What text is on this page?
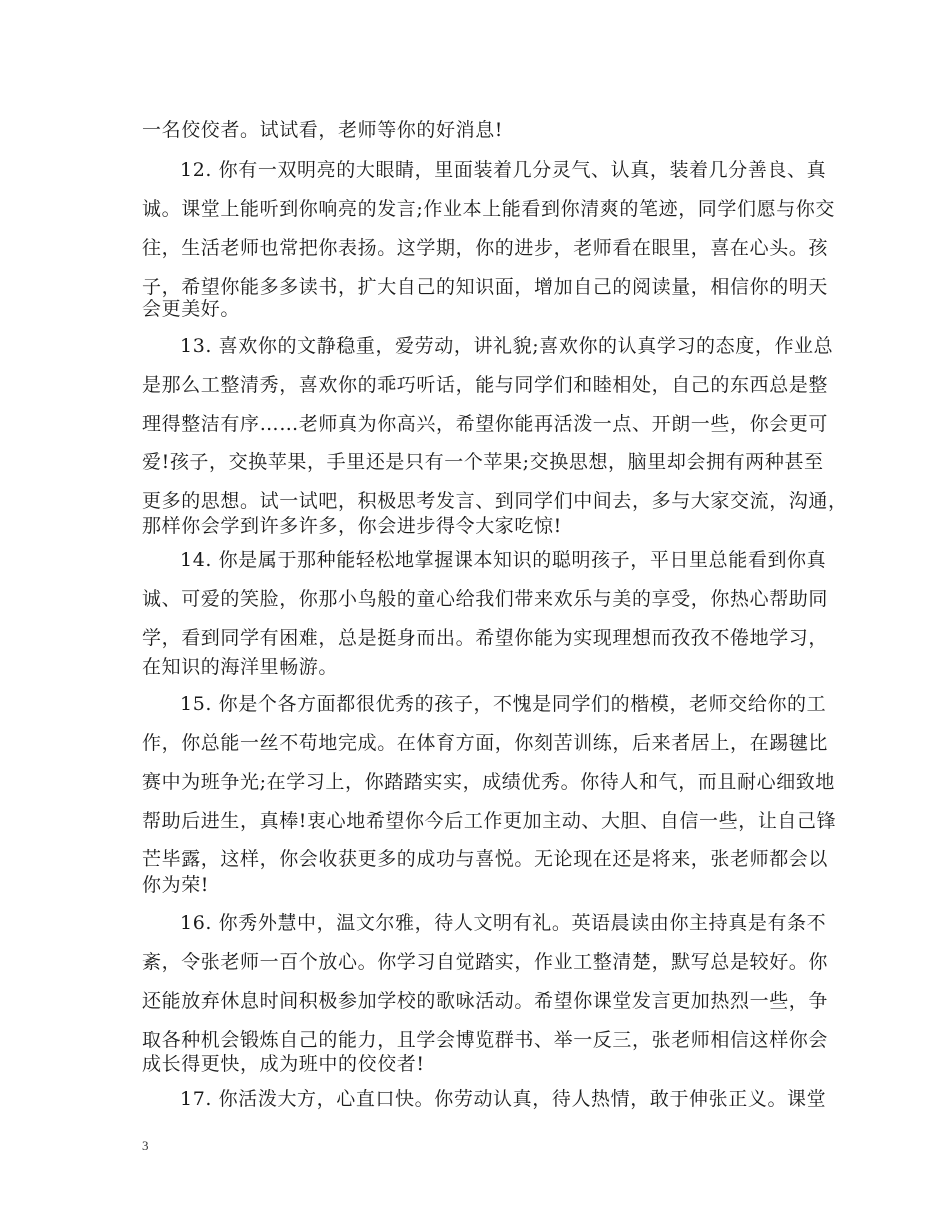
一名佼佼者。试试看，老师等你的好消息!
12. 你有一双明亮的大眼睛，里面装着几分灵气、认真，装着几分善良、真
诚。课堂上能听到你响亮的发言;作业本上能看到你清爽的笔迹，同学们愿与你交
往，生活老师也常把你表扬。这学期，你的进步，老师看在眼里，喜在心头。孩
子，希望你能多多读书，扩大自己的知识面，增加自己的阅读量，相信你的明天
会更美好。
13. 喜欢你的文静稳重，爱劳动，讲礼貌;喜欢你的认真学习的态度，作业总
是那么工整清秀，喜欢你的乖巧听话，能与同学们和睦相处，自己的东西总是整
理得整洁有序……老师真为你高兴，希望你能再活泼一点、开朗一些，你会更可
爱!孩子，交换苹果，手里还是只有一个苹果;交换思想，脑里却会拥有两种甚至
更多的思想。试一试吧，积极思考发言、到同学们中间去，多与大家交流，沟通，
那样你会学到许多许多，你会进步得令大家吃惊!
14. 你是属于那种能轻松地掌握课本知识的聪明孩子，平日里总能看到你真
诚、可爱的笑脸，你那小鸟般的童心给我们带来欢乐与美的享受，你热心帮助同
学，看到同学有困难，总是挺身而出。希望你能为实现理想而孜孜不倦地学习，
在知识的海洋里畅游。
15. 你是个各方面都很优秀的孩子，不愧是同学们的楷模，老师交给你的工
作，你总能一丝不苟地完成。在体育方面，你刻苦训练，后来者居上，在踢毽比
赛中为班争光;在学习上，你踏踏实实，成绩优秀。你待人和气，而且耐心细致地
帮助后进生，真棒!衷心地希望你今后工作更加主动、大胆、自信一些，让自己锋
芒毕露，这样，你会收获更多的成功与喜悦。无论现在还是将来，张老师都会以
你为荣!
16. 你秀外慧中，温文尔雅，待人文明有礼。英语晨读由你主持真是有条不
紊，令张老师一百个放心。你学习自觉踏实，作业工整清楚，默写总是较好。你
还能放弃休息时间积极参加学校的歌咏活动。希望你课堂发言更加热烈一些，争
取各种机会锻炼自己的能力，且学会博览群书、举一反三，张老师相信这样你会
成长得更快，成为班中的佼佼者!
17. 你活泼大方，心直口快。你劳动认真，待人热情，敢于伸张正义。课堂
3
